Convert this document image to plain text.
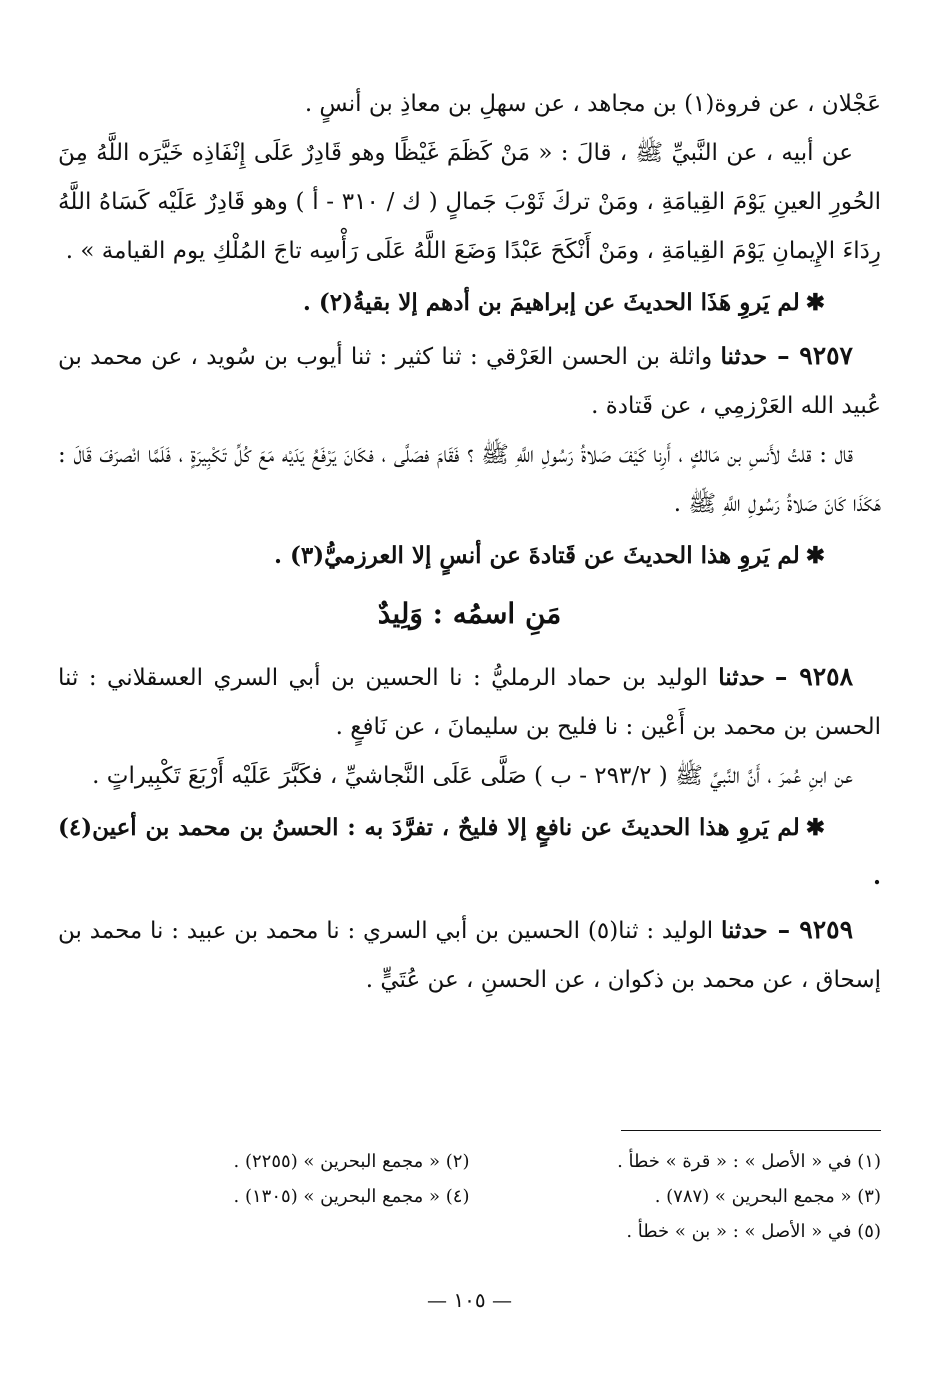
عَجْلان ، عن فروة(١) بن مجاهد ، عن سهلِ بن معاذِ بن أنسٍ .

عن أبيه ، عن النَّبيِّ ﷺ ، قالَ : « مَنْ كَظَمَ غَيْظًا وهو قَادِرٌ عَلَى إِنْفَاذِه خَيَّرَه اللَّهُ مِنَ الحُورِ العينِ يَوْمَ القِيامَةِ ، ومَنْ تركَ ثَوْبَ جَمالٍ ( ك / ٣١٠ - أ ) وهو قَادِرٌ عَلَيْه كَسَاهُ اللَّهُ رِدَاءَ الإِيمانِ يَوْمَ القِيامَةِ ، ومَنْ أَنْكَحَ عَبْدًا وَضَعَ اللَّهُ عَلَى رَأْسِه تاجَ المُلْكِ يوم القيامة » .

✱لم يَروِ هَذَا الحديثَ عن إبراهيمَ بن أدهم إلا بقيةُ(٢) .

٩٢٥٧ –حدثنا واثلة بن الحسن العَرْقي : ثنا كثير : ثنا أيوب بن سُويد ، عن محمد بن عُبيد الله العَرْزمِي ، عن قَتادة .

قال : قلتُ لأَنسِ بن مَالكٍ ، أَرِنا كَيْفَ صَلاةُ رَسُولِ اللَّهِ ﷺ ؟ فَقَامَ فصَلَّى ، فكَانَ يَرْفَعُ يَدَيْه مَعَ كُلِّ تَكْبِيرَةٍ ، فَلَمَّا انْصرَفَ قَالَ : هَكَذَا كَانَ صَلاةُ رَسُولِ اللَّهِ ﷺ .

✱لم يَروِ هذا الحديثَ عن قَتادةَ عن أنسٍ إلا العرزميُّ(٣) .

مَنِ اسمُه : وَلِيدٌ

٩٢٥٨ –حدثنا الوليد بن حماد الرمليُّ : نا الحسين بن أبي السري العسقلاني : ثنا الحسن بن محمد بن أَعْين : نا فليح بن سليمانَ ، عن نَافعٍ .

عن ابنِ عُمرَ ، أَنَّ النَّبيَّ ﷺ ( ٢٩٣/٢ - ب ) صَلَّى عَلَى النَّجاشيِّ ، فكَبَّرَ عَلَيْه أَرْبَعَ تَكْبِيراتٍ .

✱لم يَروِ هذا الحديثَ عن نافعٍ إلا فليحٌ ، تفرَّدَ به : الحسنُ بن محمد بن أعين(٤) .

٩٢٥٩ –حدثنا الوليد : ثنا(٥) الحسين بن أبي السري : نا محمد بن عبيد : نا محمد بن إسحاق ، عن محمد بن ذكوان ، عن الحسنِ ، عن عُتَيٍّ .

(١) في « الأصل » : « قرة » خطأ .
(٢) « مجمع البحرين » (٢٢٥٥) .
(٣) « مجمع البحرين » (٧٨٧) .
(٤) « مجمع البحرين » (١٣٠٥) .
(٥) في « الأصل » : « بن » خطأ .
— ١٠٥ —
